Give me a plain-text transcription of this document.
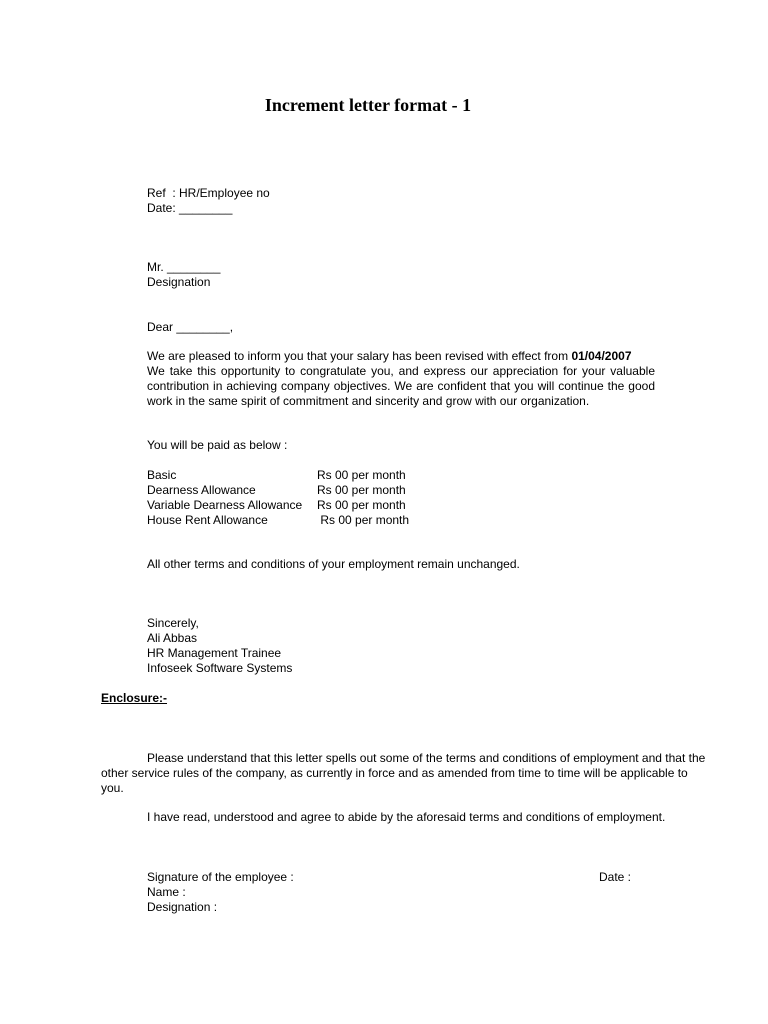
Increment letter format - 1
Ref  : HR/Employee no
Date: ________
Mr. ________
Designation
Dear ________,
We are pleased to inform you that your salary has been revised with effect from 01/04/2007
We take this opportunity to congratulate you, and express our appreciation for your valuable contribution in achieving company objectives. We are confident that you will continue the good work in the same spirit of commitment and sincerity and grow with our organization.
You will be paid as below :
Basic	Rs 00 per month
Dearness Allowance	Rs 00 per month
Variable Dearness Allowance Rs 00 per month
House Rent Allowance	Rs 00 per month
All other terms and conditions of your employment remain unchanged.
Sincerely,
Ali Abbas
HR Management Trainee
Infoseek Software Systems
Enclosure:-
Please understand that this letter spells out some of the terms and conditions of employment and that the other service rules of the company, as currently in force and as amended from time to time will be applicable to you.
I have read, understood and agree to abide by the aforesaid terms and conditions of employment.
Signature of the employee :
Name :
Designation :
Date :
